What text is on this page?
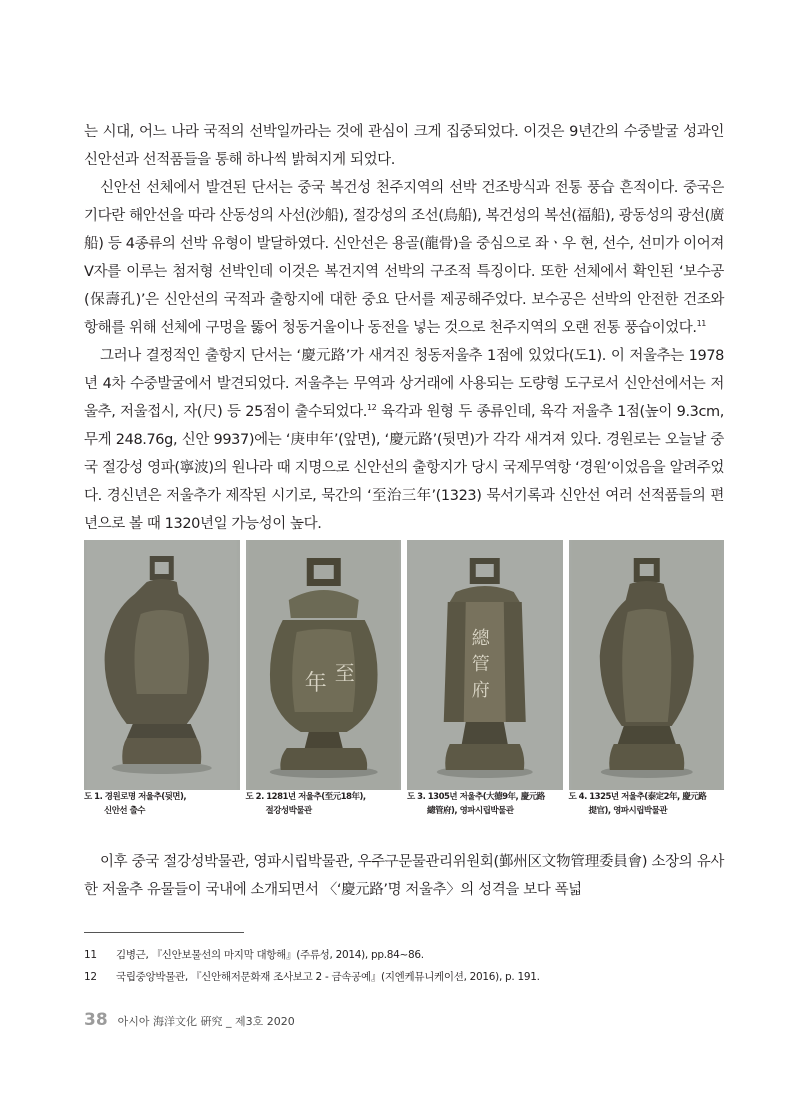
는 시대, 어느 나라 국적의 선박일까라는 것에 관심이 크게 집중되었다. 이것은 9년간의 수중발굴 성과인 신안선과 선적품들을 통해 하나씩 밝혀지게 되었다.

신안선 선체에서 발견된 단서는 중국 복건성 천주지역의 선박 건조방식과 전통 풍습 흔적이다. 중국은 기다란 해안선을 따라 산동성의 사선(沙船), 절강성의 조선(鳥船), 복건성의 복선(福船), 광동성의 광선(廣船) 등 4종류의 선박 유형이 발달하였다. 신안선은 용골(龍骨)을 중심으로 좌ㆍ우 현, 선수, 선미가 이어져 V자를 이루는 첨저형 선박인데 이것은 복건지역 선박의 구조적 특징이다. 또한 선체에서 확인된 ‘보수공(保壽孔)’은 신안선의 국적과 출항지에 대한 중요 단서를 제공해주었다. 보수공은 선박의 안전한 건조와 항해를 위해 선체에 구멍을 뚫어 청동거울이나 동전을 넣는 것으로 천주지역의 오랜 전통 풍습이었다.$^{11}$

그러나 결정적인 출항지 단서는 ‘慶元路’가 새겨진 청동저울추 1점에 있었다(도1). 이 저울추는 1978년 4차 수중발굴에서 발견되었다. 저울추는 무역과 상거래에 사용되는 도량형 도구로서 신안선에서는 저울추, 저울접시, 자(尺) 등 25점이 출수되었다.$^{12}$ 육각과 원형 두 종류인데, 육각 저울추 1점(높이 9.3cm, 무게 248.76g, 신안 9937)에는 ‘庚申年’(앞면), ‘慶元路’(뒷면)가 각각 새겨져 있다. 경원로는 오늘날 중국 절강성 영파(寧波)의 원나라 때 지명으로 신안선의 출항지가 당시 국제무역항 ‘경원’이었음을 알려주었다. 경신년은 저울추가 제작된 시기로, 묵간의 ‘至治三年’(1323) 묵서기록과 신안선 여러 선적품들의 편년으로 볼 때 1320년일 가능성이 높다.

年 至
總
管
府
도 1. 경원로명 저울추(뒷면),
신안선 출수
도 2. 1281년 저울추(至元18年),
절강성박물관
도 3. 1305년 저울추(大德9年, 慶元路
總管府), 영파시립박물관
도 4. 1325년 저울추(泰定2年, 慶元路
提官), 영파시립박물관

이후 중국 절강성박물관, 영파시립박물관, 우주구문물관리위원회(鄞州区文物管理委員會) 소장의 유사한 저울추 유물들이 국내에 소개되면서 〈‘慶元路’명 저울추〉의 성격을 보다 폭넓

11	김병근, 『신안보물선의 마지막 대항해』(주류성, 2014), pp.84~86.
12	국립중앙박물관, 『신안해저문화재 조사보고 2 - 금속공예』(지엔케뮤니케이션, 2016), p. 191.
38 아시아 海洋文化 硏究 _ 제3호 2020
